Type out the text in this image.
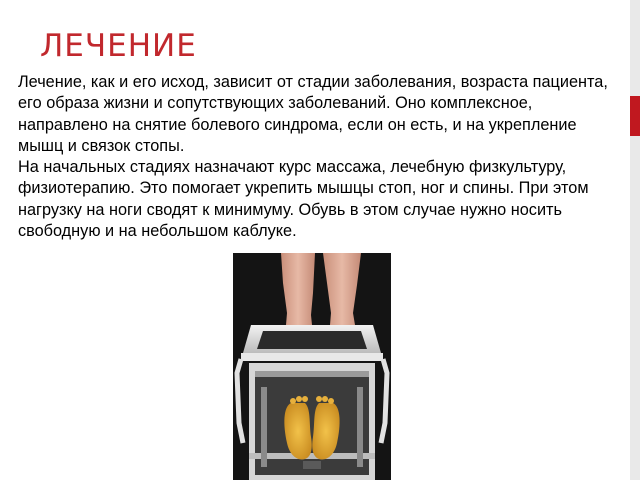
ЛЕЧЕНИЕ

Лечение, как и его исход, зависит от стадии заболевания, возраста пациента, его образа жизни и сопутствующих заболеваний. Оно комплексное, направлено на снятие болевого синдрома, если он есть, и на укрепление мышц и связок стопы.

На начальных стадиях назначают курс массажа, лечебную физкультуру, физиотерапию. Это помогает укрепить мышцы стоп, ног и спины. При этом нагрузку на ноги сводят к минимуму. Обувь в этом случае нужно носить свободную и на небольшом каблуке.
